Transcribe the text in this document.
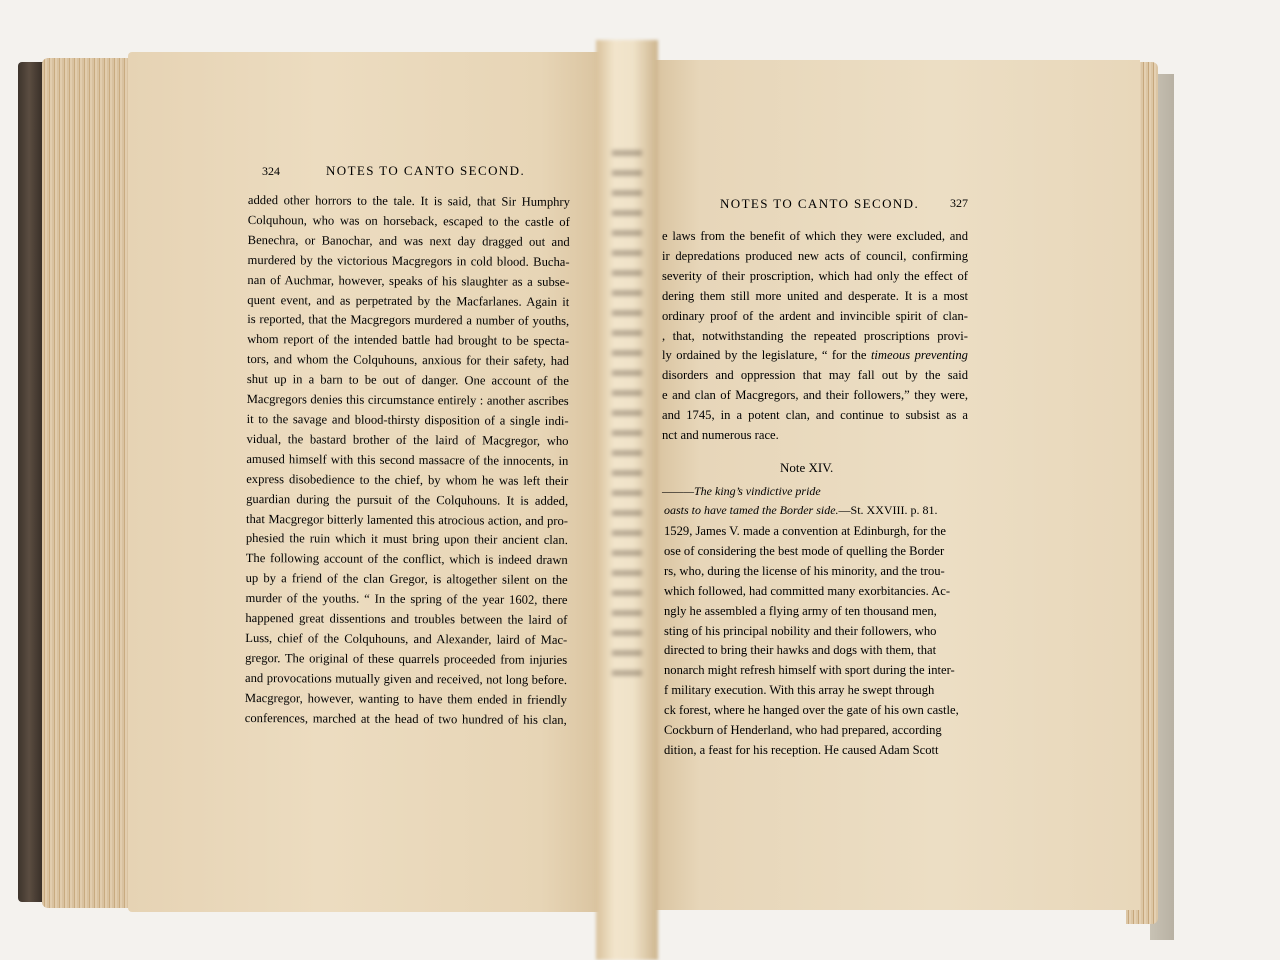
324	NOTES TO CANTO SECOND.
added other horrors to the tale. It is said, that Sir Humphry
Colquhoun, who was on horseback, escaped to the castle of
Benechra, or Banochar, and was next day dragged out and
murdered by the victorious Macgregors in cold blood. Bucha-
nan of Auchmar, however, speaks of his slaughter as a subse-
quent event, and as perpetrated by the Macfarlanes. Again it
is reported, that the Macgregors murdered a number of youths,
whom report of the intended battle had brought to be specta-
tors, and whom the Colquhouns, anxious for their safety, had
shut up in a barn to be out of danger. One account of the
Macgregors denies this circumstance entirely : another ascribes
it to the savage and blood-thirsty disposition of a single indi-
vidual, the bastard brother of the laird of Macgregor, who
amused himself with this second massacre of the innocents, in
express disobedience to the chief, by whom he was left their
guardian during the pursuit of the Colquhouns. It is added,
that Macgregor bitterly lamented this atrocious action, and pro-
phesied the ruin which it must bring upon their ancient clan.
The following account of the conflict, which is indeed drawn
up by a friend of the clan Gregor, is altogether silent on the
murder of the youths. “ In the spring of the year 1602, there
happened great dissentions and troubles between the laird of
Luss, chief of the Colquhouns, and Alexander, laird of Mac-
gregor. The original of these quarrels proceeded from injuries
and provocations mutually given and received, not long before.
Macgregor, however, wanting to have them ended in friendly
conferences, marched at the head of two hundred of his clan,
NOTES TO CANTO SECOND.	327
e laws from the benefit of which they were excluded, and
ir depredations produced new acts of council, confirming
severity of their proscription, which had only the effect of
dering them still more united and desperate. It is a most
ordinary proof of the ardent and invincible spirit of clan-
, that, notwithstanding the repeated proscriptions provi-
ly ordained by the legislature, “ for the timeous preventing
disorders and oppression that may fall out by the said
e and clan of Macgregors, and their followers,” they were,
and 1745, in a potent clan, and continue to subsist as a
nct and numerous race.
Note XIV.
———The king’s vindictive pride
oasts to have tamed the Border side.—St. XXVIII. p. 81.
1529, James V. made a convention at Edinburgh, for the
ose of considering the best mode of quelling the Border
rs, who, during the license of his minority, and the trou-
which followed, had committed many exorbitancies. Ac-
ngly he assembled a flying army of ten thousand men,
sting of his principal nobility and their followers, who
directed to bring their hawks and dogs with them, that
nonarch might refresh himself with sport during the inter-
f military execution. With this array he swept through
ck forest, where he hanged over the gate of his own castle,
Cockburn of Henderland, who had prepared, according
dition, a feast for his reception. He caused Adam Scott
